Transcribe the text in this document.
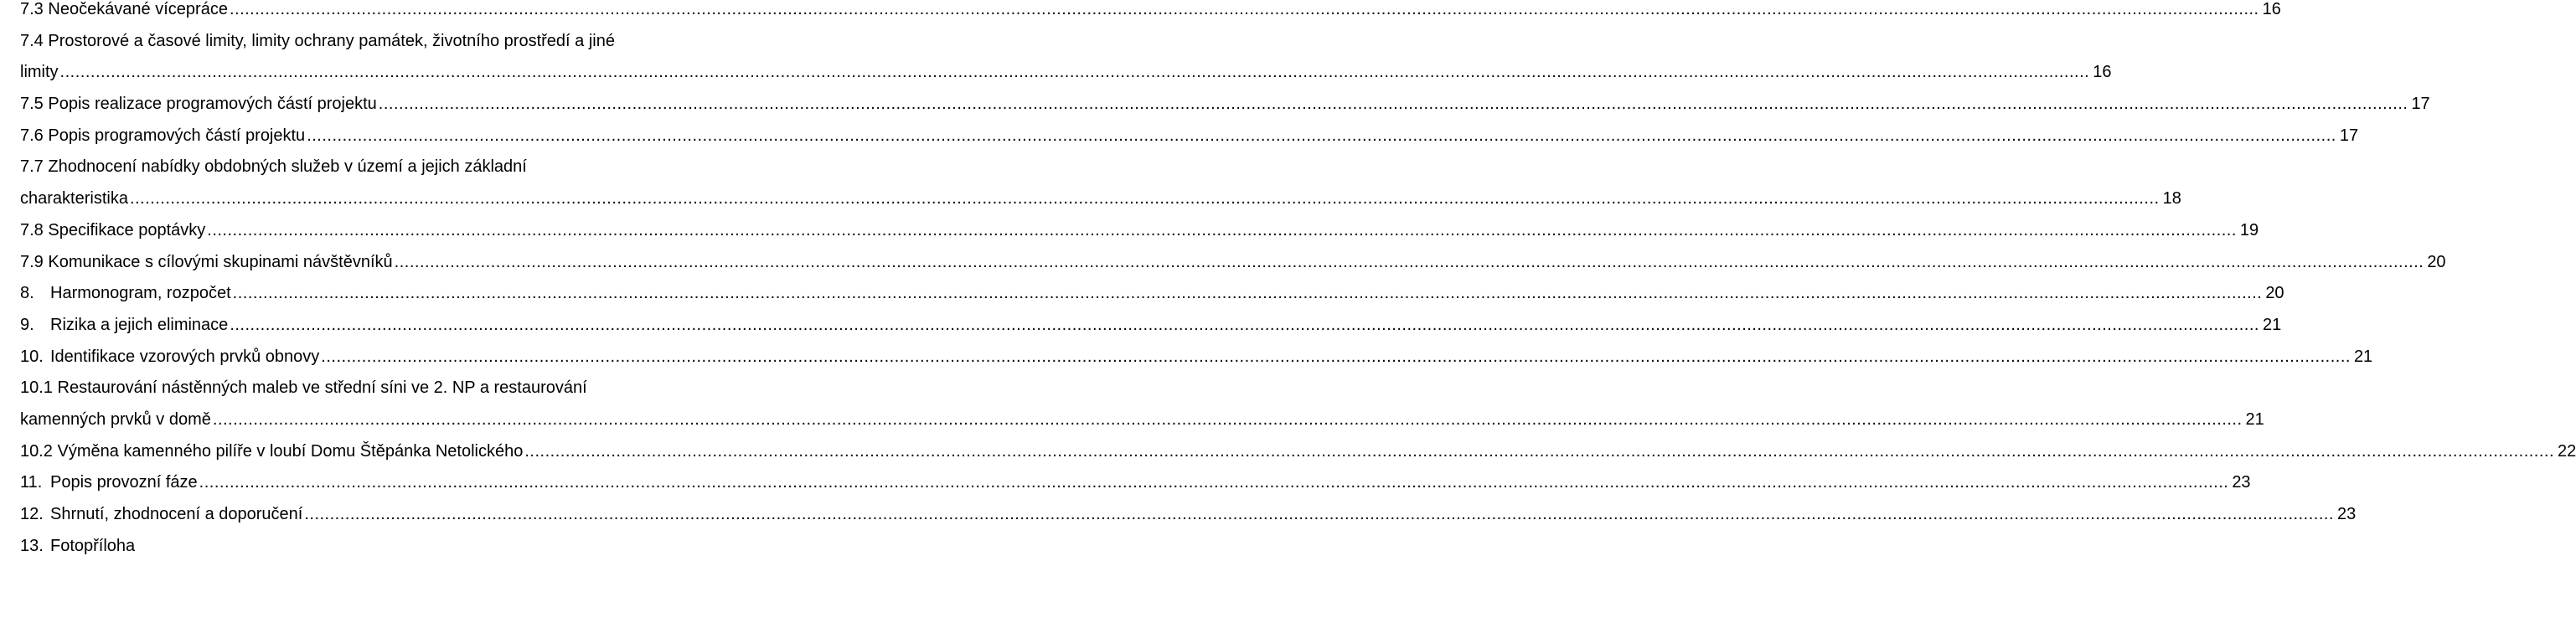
7.3 Neočekávané vícepráce ................................................................................................................................................................................................................................................................................................................................................................................................................ 16
7.4 Prostorové a časové limity, limity ochrany památek, životního prostředí a jiné
limity ................................................................................................................................................................................................................................................................................................................................................................................................................ 16
7.5 Popis realizace programových částí projektu ................................................................................................................................................................................................................................................................................................................................................................................................................ 17
7.6 Popis programových částí projektu ................................................................................................................................................................................................................................................................................................................................................................................................................ 17
7.7 Zhodnocení nabídky obdobných služeb v území a jejich základní
charakteristika ................................................................................................................................................................................................................................................................................................................................................................................................................ 18
7.8 Specifikace poptávky ................................................................................................................................................................................................................................................................................................................................................................................................................ 19
7.9 Komunikace s cílovými skupinami návštěvníků ................................................................................................................................................................................................................................................................................................................................................................................................................ 20
8. Harmonogram, rozpočet ................................................................................................................................................................................................................................................................................................................................................................................................................ 20
9. Rizika a jejich eliminace ................................................................................................................................................................................................................................................................................................................................................................................................................ 21
10. Identifikace vzorových prvků obnovy ................................................................................................................................................................................................................................................................................................................................................................................................................ 21
10.1 Restaurování nástěnných maleb ve střední síni ve 2. NP a restaurování
kamenných prvků v domě ................................................................................................................................................................................................................................................................................................................................................................................................................ 21
10.2 Výměna kamenného pilíře v loubí Domu Štěpánka Netolického ................................................................................................................................................................................................................................................................................................................................................................................................................ 22
11. Popis provozní fáze ................................................................................................................................................................................................................................................................................................................................................................................................................ 23
12. Shrnutí, zhodnocení a doporučení ................................................................................................................................................................................................................................................................................................................................................................................................................ 23
13. Fotopříloha
